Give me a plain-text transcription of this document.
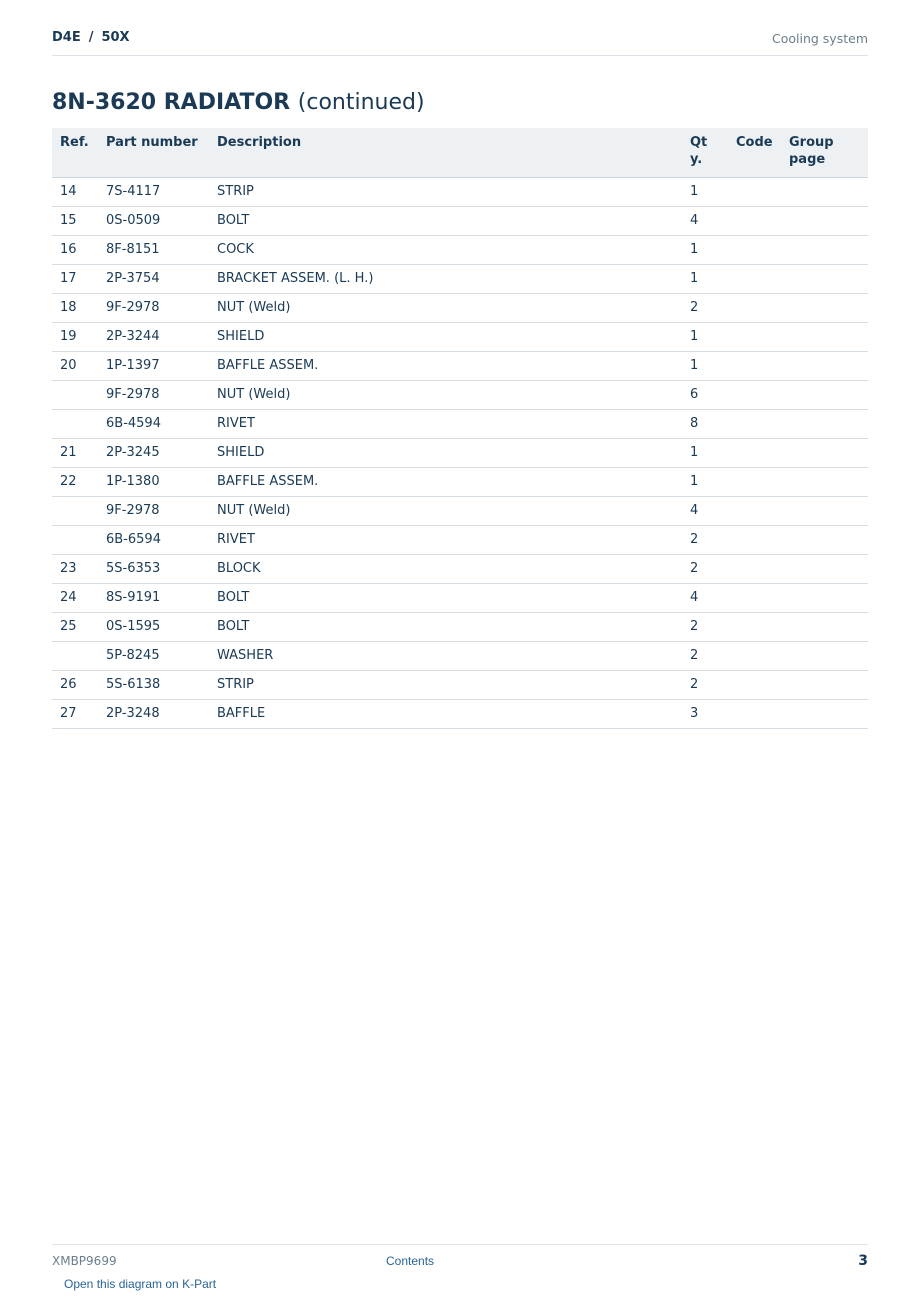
D4E / 50X	Cooling system
8N-3620 RADIATOR (continued)
Ref.	Part number	Description	Qty.	Code	Group page
14	7S-4117	STRIP	1		
15	0S-0509	BOLT	4		
16	8F-8151	COCK	1		
17	2P-3754	BRACKET ASSEM. (L. H.)	1		
18	9F-2978	NUT (Weld)	2		
19	2P-3244	SHIELD	1		
20	1P-1397	BAFFLE ASSEM.	1		
	9F-2978	NUT (Weld)	6		
	6B-4594	RIVET	8		
21	2P-3245	SHIELD	1		
22	1P-1380	BAFFLE ASSEM.	1		
	9F-2978	NUT (Weld)	4		
	6B-6594	RIVET	2		
23	5S-6353	BLOCK	2		
24	8S-9191	BOLT	4		
25	0S-1595	BOLT	2		
	5P-8245	WASHER	2		
26	5S-6138	STRIP	2		
27	2P-3248	BAFFLE	3		
XMBP9699	Contents	3
Open this diagram on K-Part
